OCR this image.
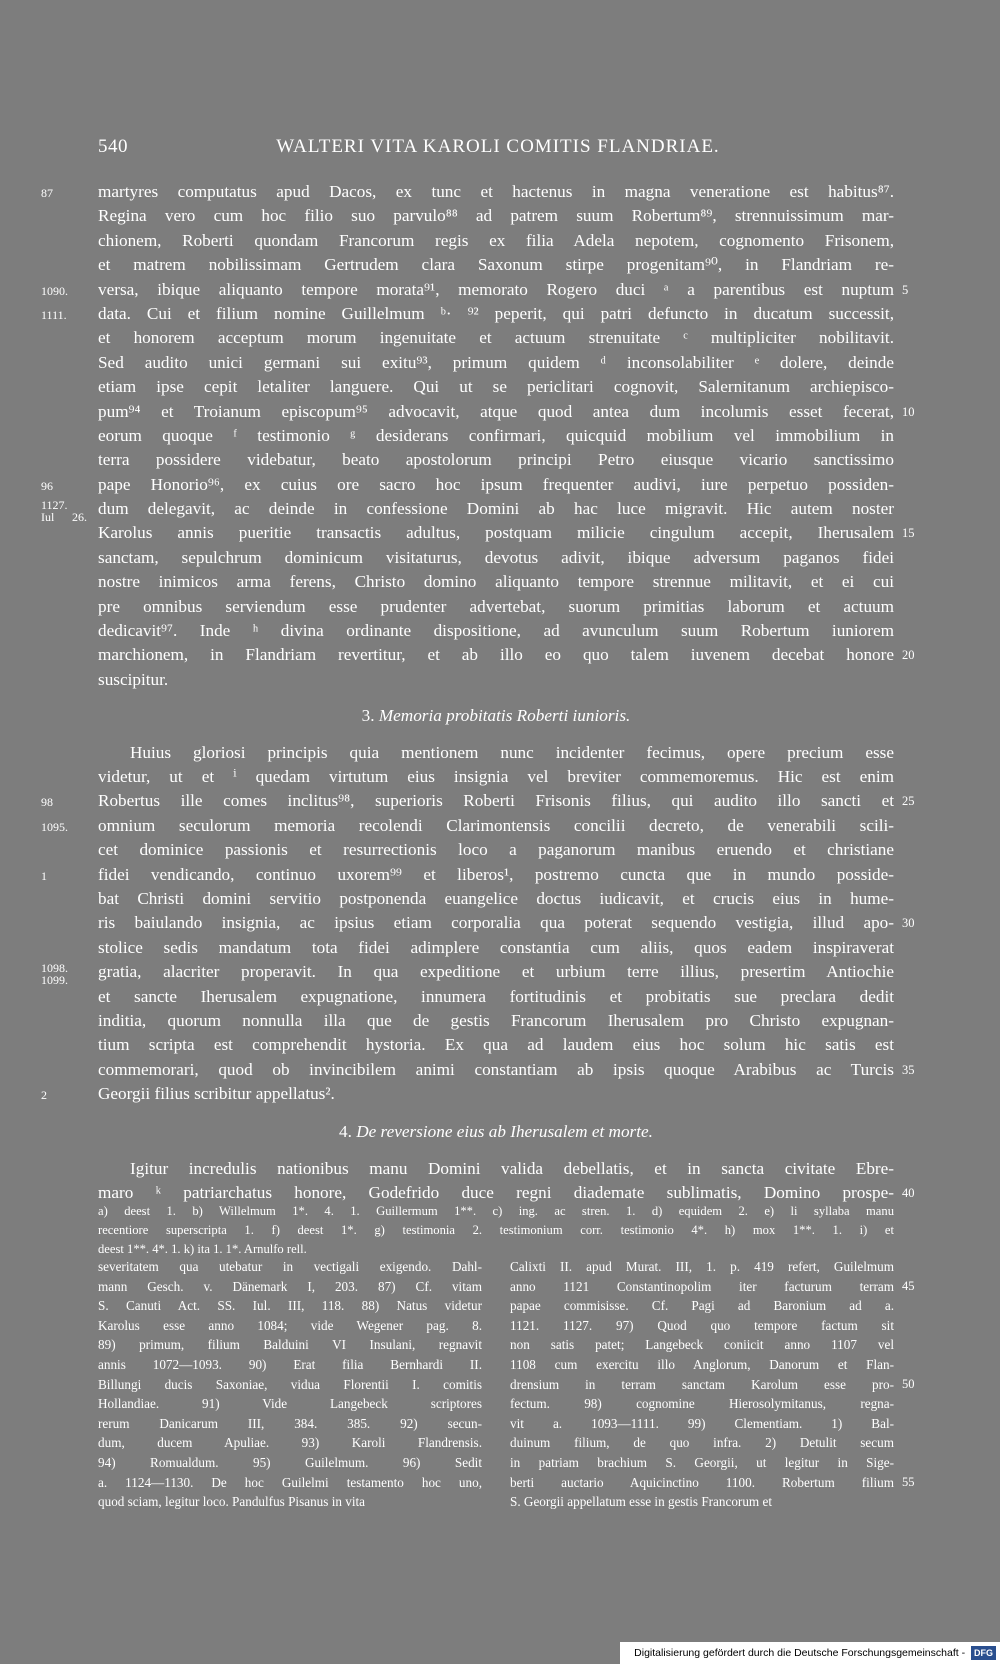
540	WALTERI VITA KAROLI COMITIS FLANDRIAE.
martyres computatus apud Dacos, ex tunc et hactenus in magna veneratione est habitus⁸⁷.
87
Regina vero cum hoc filio suo parvulo⁸⁸ ad patrem suum Robertum⁸⁹, strennuissimum mar-
chionem, Roberti quondam Francorum regis ex filia Adela nepotem, cognomento Frisonem,
et matrem nobilissimam Gertrudem clara Saxonum stirpe progenitam⁹⁰, in Flandriam re-
versa, ibique aliquanto tempore morata⁹¹, memorato Rogero duci ᵃ a parentibus est nuptum
1090.	5
data. Cui et filium nomine Guillelmum ᵇ· ⁹² peperit, qui patri defuncto in ducatum successit,
1111.
et honorem acceptum morum ingenuitate et actuum strenuitate ᶜ multipliciter nobilitavit.
Sed audito unici germani sui exitu⁹³, primum quidem ᵈ inconsolabiliter ᵉ dolere, deinde
etiam ipse cepit letaliter languere. Qui ut se periclitari cognovit, Salernitanum archiepisco-
pum⁹⁴ et Troianum episcopum⁹⁵ advocavit, atque quod antea dum incolumis esset fecerat, 10
eorum quoque ᶠ testimonio ᵍ desiderans confirmari, quicquid mobilium vel immobilium in
terra possidere videbatur, beato apostolorum principi Petro eiusque vicario sanctissimo
pape Honorio⁹⁶, ex cuius ore sacro hoc ipsum frequenter audivi, iure perpetuo possiden-
96
dum delegavit, ac deinde in confessione Domini ab hac luce migravit. Hic autem noster
1127.
Iul 26.
Karolus annis pueritie transactis adultus, postquam milicie cingulum accepit, Iherusalem 15
sanctam, sepulchrum dominicum visitaturus, devotus adivit, ibique adversum paganos fidei
nostre inimicos arma ferens, Christo domino aliquanto tempore strennue militavit, et ei cui
pre omnibus serviendum esse prudenter advertebat, suorum primitias laborum et actuum
dedicavit⁹⁷. Inde ʰ divina ordinante dispositione, ad avunculum suum Robertum iuniorem
marchionem, in Flandriam revertitur, et ab illo eo quo talem iuvenem decebat honore 20
suscipitur.
3. Memoria probitatis Roberti iunioris.
Huius gloriosi principis quia mentionem nunc incidenter fecimus, opere precium esse
videtur, ut et ⁱ quedam virtutum eius insignia vel breviter commemoremus. Hic est enim
Robertus ille comes inclitus⁹⁸, superioris Roberti Frisonis filius, qui audito illo sancti et
98	25
omnium seculorum memoria recolendi Clarimontensis concilii decreto, de venerabili scili-
1095.
cet dominice passionis et resurrectionis loco a paganorum manibus eruendo et christiane
fidei vendicando, continuo uxorem⁹⁹ et liberos¹, postremo cuncta que in mundo posside-
1
bat Christi domini servitio postponenda euangelice doctus iudicavit, et crucis eius in hume-
ris baiulando insignia, ac ipsius etiam corporalia qua poterat sequendo vestigia, illud apo- 30
stolice sedis mandatum tota fidei adimplere constantia cum aliis, quos eadem inspiraverat
gratia, alacriter properavit. In qua expeditione et urbium terre illius, presertim Antiochie
1098.
1099.
et sancte Iherusalem expugnatione, innumera fortitudinis et probitatis sue preclara dedit
inditia, quorum nonnulla illa que de gestis Francorum Iherusalem pro Christo expugnan-
tium scripta est comprehendit hystoria. Ex qua ad laudem eius hoc solum hic satis est
commemorari, quod ob invincibilem animi constantiam ab ipsis quoque Arabibus ac Turcis 35
Georgii filius scribitur appellatus².
2
4. De reversione eius ab Iherusalem et morte.
Igitur incredulis nationibus manu Domini valida debellatis, et in sancta civitate Ebre-
maro ᵏ patriarchatus honore, Godefrido duce regni diademate sublimatis, Domino prospe- 40
a) deest 1. b) Willelmum 1*. 4. 1. Guillermum 1**. c) ing. ac stren. 1. d) equidem 2. e) li syllaba manu
recentiore superscripta 1. f) deest 1*. g) testimonia 2. testimonium corr. testimonio 4*. h) mox 1**. 1. i) et
deest 1**. 4*. 1. k) ita 1. 1*. Arnulfo rell.
severitatem qua utebatur in vectigali exigendo. Dahl-
mann Gesch. v. Dänemark I, 203. 87) Cf. vitam
S. Canuti Act. SS. Iul. III, 118. 88) Natus videtur
Karolus esse anno 1084; vide Wegener pag. 8.
89) primum, filium Balduini VI Insulani, regnavit
annis 1072—1093. 90) Erat filia Bernhardi II.
Billungi ducis Saxoniae, vidua Florentii I. comitis
Hollandiae. 91) Vide Langebeck scriptores
rerum Danicarum III, 384. 385. 92) secun-
dum, ducem Apuliae. 93) Karoli Flandrensis.
94) Romualdum. 95) Guilelmum. 96) Sedit
a. 1124—1130. De hoc Guilelmi testamento hoc uno,
quod sciam, legitur loco. Pandulfus Pisanus in vita
Calixti II. apud Murat. III, 1. p. 419 refert, Guilelmum
anno 1121 Constantinopolim iter facturum terram 45
papae commisisse. Cf. Pagi ad Baronium ad a.
1121. 1127. 97) Quod quo tempore factum sit
non satis patet; Langebeck coniicit anno 1107 vel
1108 cum exercitu illo Anglorum, Danorum et Flan-
drensium in terram sanctam Karolum esse pro- 50
fectum. 98) cognomine Hierosolymitanus, regna-
vit a. 1093—1111. 99) Clementiam. 1) Bal-
duinum filium, de quo infra. 2) Detulit secum
in patriam brachium S. Georgii, ut legitur in Sige-
berti auctario Aquicinctino 1100. Robertum filium 55
S. Georgii appellatum esse in gestis Francorum et
Digitalisierung gefördert durch die Deutsche Forschungsgemeinschaft - DFG
